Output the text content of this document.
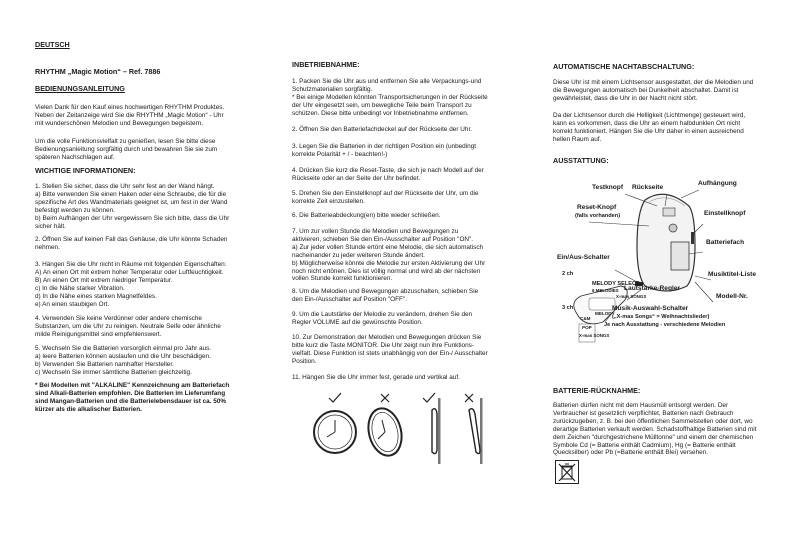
DEUTSCH

RHYTHM „Magic Motion“ – Ref. 7886

BEDIENUNGSANLEITUNG

Vielen Dank für den Kauf eines hochwertigen RHYTHM Produktes.
Neben der Zeitanzeige wird Sie die RHYTHM „Magic Motion“ - Uhr
mit wunderschönen Melodien und Bewegungen begeistern.

Um die volle Funktionsvielfalt zu genießen, lesen Sie bitte diese
Bedienungsanleitung sorgfältig durch und bewahren Sie sie zum
späteren Nachschlagen auf.

WICHTIGE INFORMATIONEN:

1. Stellen Sie sicher, dass die Uhr sehr fest an der Wand hängt.
a) Bitte verwenden Sie einen Haken oder eine Schraube, die für die
spezifische Art des Wandmaterials geeignet ist, um fest in der Wand
befestigt werden zu können.
b) Beim Aufhängen der Uhr vergewissern Sie sich bitte, dass die Uhr
sicher hält.

2. Öffnen Sie auf keinen Fall das Gehäuse, die Uhr könnte Schaden
nehmen.

3. Hängen Sie die Uhr nicht in Räume mit folgenden Eigenschaften:
A) An einen Ort mit extrem hoher Temperatur oder Luftfeuchtigkeit.
B) An einen Ort mit extrem niedriger Temperatur.
c) In die Nähe starker Vibration.
d) In die Nähe eines starken Magnetfeldes.
e) An einen staubigen Ort.

4. Verwenden Sie keine Verdünner oder andere chemische
Substanzen, um die Uhr zu reinigen. Neutrale Seife oder ähnliche
milde Reinigungsmittel sind empfehlenswert.

5. Wechseln Sie die Batterien vorsorglich einmal pro Jahr aus.
a) leere Batterien können auslaufen und die Uhr beschädigen.
b) Verwenden Sie Batterien namhafter Hersteller.
c) Wechseln Sie immer sämtliche Batterien gleichzeitig.

* Bei Modellen mit "ALKALINE" Kennzeichnung am Batteriefach
sind Alkali-Batterien empfohlen. Die Batterien im Lieferumfang
sind Mangan-Batterien und die Batterielebensdauer ist ca. 50%
kürzer als die alkalischer Batterien.

INBETRIEBNAHME:

1. Packen Sie die Uhr aus und entfernen Sie alle Verpackungs-und
Schutzmaterialien sorgfältig.
* Bei einige Modellen könnten Transportsicherungen in der Rückseite
der Uhr eingesetzt sein, um bewegliche Teile beim Transport zu
schützen. Diese bitte unbedingt vor Inbetriebnahme entfernen.

2. Öffnen Sie den Batteriefachdeckel auf der Rückseite der Uhr.

3. Legen Sie die Batterien in der richtigen Position ein (unbedingt
korrekte Polarität + / - beachten!-)

4. Drücken Sie kurz die Reset-Taste, die sich je nach Modell auf der
Rückseite oder an der Seite der Uhr befindet.

5. Drehen Sie den Einstellknopf auf der Rückseite der Uhr, um die
korrekte Zeit einzustellen.

6. Die Batterieabdeckung(en) bitte wieder schließen.

7. Um zur vollen Stunde die Melodien und Bewegungen zu
aktivieren, schieben Sie den Ein-/Ausschalter auf Position "ON".
a) Zur jeder vollen Stunde ertönt eine Melodie, die sich automatisch
nacheinander zu jeder weiteren Stunde ändert.
b) Möglicherweise könnte die Melodie zur ersten Aktivierung der Uhr
noch nicht ertönen. Dies ist völlig normal und wird ab der nächsten
vollen Stunde korrekt funktionieren.

8. Um die Melodien und Bewegungen abzuschalten, schieben Sie
den Ein-/Ausschalter auf Position "OFF".

9. Um die Lautstärke der Melodie zu verändern, drehen Sie den
Regler VOLUME auf die gewünschte Position.

10. Zur Demonstration der Melodien und Bewegungen drücken Sie
bitte kurz die Taste MONITOR. Die Uhr zeigt nun ihre Funktions-
vielfalt. Diese Funktion ist stets unabhängig von der Ein-/ Ausschalter
Position.

11. Hängen Sie die Uhr immer fest, gerade und vertikal auf.

AUTOMATISCHE NACHTABSCHALTUNG:

Diese Uhr ist mit einem Lichtsensor ausgestattet, der die Melodien und
die Bewegungen automatisch bei Dunkelheit abschaltet. Damit ist
gewährleistet, dass die Uhr in der Nacht nicht stört.

Da der Lichtsensor durch die Helligkeit (Lichtmenge) gesteuert wird,
kann es vorkommen, dass die Uhr an einem halbdunklen Ort nicht
korrekt funktioniert. Hängen Sie die Uhr daher in einen ausreichend
hellen Raum auf.

AUSSTATTUNG:

Testknopf Rückseite
Aufhängung
Reset-Knopf
(falls vorhanden)	Einstellknopf
Batteriefach
Ein/Aus-Schalter
2 ch	Musiktitel-Liste
MELODY SELECT
6 MELODIES
X-mas SONGS
Lautstärke-Regler
Modell-Nr.
3 ch
MELODY
C&M
POP
X-mas SONGS
Musik-Auswahl-Schalter
(„X-mas Songs“ = Weihnachtslieder)
Je nach Ausstattung - verschiedene Melodien

BATTERIE-RÜCKNAHME:

Batterien dürfen nicht mit dem Hausmüll entsorgt werden. Der
Verbraucher ist gesetzlich verpflichtet, Batterien nach Gebrauch
zurückzugeben, z. B. bei den öffentlichen Sammelstellen oder dort, wo
derartige Batterien verkauft werden. Schadstoffhaltige Batterien sind mit
dem Zeichen "durchgestrichene Mülltonne" und einem der chemischen
Symbole Cd (= Batterie enthält Cadmium), Hg (= Batterie enthält
Quecksilber) oder Pb (=Batterie enthält Blei) versehen.
